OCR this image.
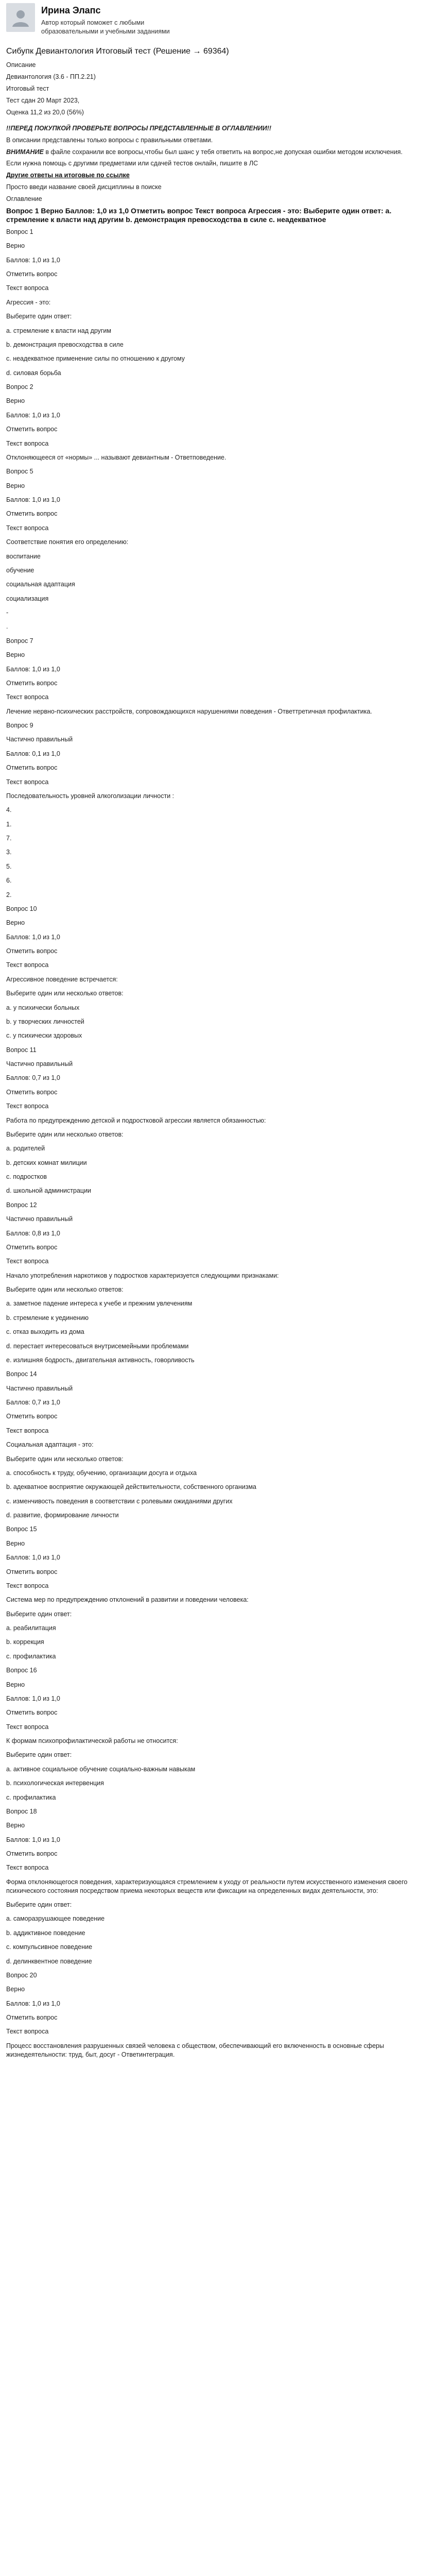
Ирина Элапс
Автор который поможет с любыми образовательными и учебными заданиями
Сибупк Девиантология Итоговый тест (Решение → 69364)

Описание

Девиантология (3.6 - ПП.2.21)

Итоговый тест

Тест сдан 20 Март 2023,

Оценка 11,2 из 20,0 (56%)

!!ПЕРЕД ПОКУПКОЙ ПРОВЕРЬТЕ ВОПРОСЫ ПРЕДСТАВЛЕННЫЕ В ОГЛАВЛЕНИИ!!

В описании представлены только вопросы с правильными ответами.

ВНИМАНИЕ в файле сохранили все вопросы,чтобы был шанс у тебя ответить на вопрос,не допуская ошибки методом исключения.

Если нужна помощь с другими предметами или сдачей тестов онлайн, пишите в ЛС

Другие ответы на итоговые по ссылке

Просто введи название своей дисциплины в поиске

Оглавление

Вопрос 1 Верно Баллов: 1,0 из 1,0 Отметить вопрос Текст вопроса Агрессия - это: Выберите один ответ: a. стремление к власти над другим b. демонстрация превосходства в силе с. неадекватное

Вопрос 1
Верно
Баллов: 1,0 из 1,0
Отметить вопрос
Текст вопроса
Агрессия - это:
Выберите один ответ:
a. стремление к власти над другим
b. демонстрация превосходства в силе
c. неадекватное применение силы по отношению к другому
d. силовая борьба
Вопрос 2
Верно
Баллов: 1,0 из 1,0
Отметить вопрос
Текст вопроса
Отклоняющееся от «нормы» ... называют девиантным - Ответповедение.
Вопрос 5
Верно
Баллов: 1,0 из 1,0
Отметить вопрос
Текст вопроса
Соответствие понятия его определению:
воспитание
обучение
социальная адаптация
социализация
-
.
Вопрос 7
Верно
Баллов: 1,0 из 1,0
Отметить вопрос
Текст вопроса
Лечение нервно-психических расстройств, сопровождающихся нарушениями поведения - Ответтретичная профилактика.
Вопрос 9
Частично правильный
Баллов: 0,1 из 1,0
Отметить вопрос
Текст вопроса
Последовательность уровней алкоголизации личности :
4.
1.
7.
3.
5.
6.
2.
Вопрос 10
Верно
Баллов: 1,0 из 1,0
Отметить вопрос
Текст вопроса
Агрессивное поведение встречается:
Выберите один или несколько ответов:
a. у психически больных
b. у творческих личностей
c. у психически здоровых
Вопрос 11
Частично правильный
Баллов: 0,7 из 1,0
Отметить вопрос
Текст вопроса
Работа по предупреждению детской и подростковой агрессии является обязанностью:
Выберите один или несколько ответов:
a. родителей
b. детских комнат милиции
c. подростков
d. школьной администрации
Вопрос 12
Частично правильный
Баллов: 0,8 из 1,0
Отметить вопрос
Текст вопроса
Начало употребления наркотиков у подростков характеризуется следующими признаками:
Выберите один или несколько ответов:
a. заметное падение интереса к учебе и прежним увлечениям
b. стремление к уединению
c. отказ выходить из дома
d. перестает интересоваться внутрисемейными проблемами
e. излишняя бодрость, двигательная активность, говорливость
Вопрос 14
Частично правильный
Баллов: 0,7 из 1,0
Отметить вопрос
Текст вопроса
Социальная адаптация - это:
Выберите один или несколько ответов:
a. способность к труду, обучению, организации досуга и отдыха
b. адекватное восприятие окружающей действительности, собственного организма
c. изменчивость поведения в соответствии с ролевыми ожиданиями других
d. развитие, формирование личности
Вопрос 15
Верно
Баллов: 1,0 из 1,0
Отметить вопрос
Текст вопроса
Система мер по предупреждению отклонений в развитии и поведении человека:
Выберите один ответ:
a. реабилитация
b. коррекция
c. профилактика
Вопрос 16
Верно
Баллов: 1,0 из 1,0
Отметить вопрос
Текст вопроса
К формам психопрофилактической работы не относится:
Выберите один ответ:
a. активное социальное обучение социально-важным навыкам
b. психологическая интервенция
c. профилактика
Вопрос 18
Верно
Баллов: 1,0 из 1,0
Отметить вопрос
Текст вопроса
Форма отклоняющегося поведения, характеризующаяся стремлением к уходу от реальности путем искусственного изменения своего психического состояния посредством приема некоторых веществ или фиксации на определенных видах деятельности, это:
Выберите один ответ:
a. саморазрушающее поведение
b. аддиктивное поведение
c. компульсивное поведение
d. делинквентное поведение
Вопрос 20
Верно
Баллов: 1,0 из 1,0
Отметить вопрос
Текст вопроса
Процесс восстановления разрушенных связей человека с обществом, обеспечивающий его включенность в основные сферы жизнедеятельности: труд, быт, досуг - Ответинтеграция.
